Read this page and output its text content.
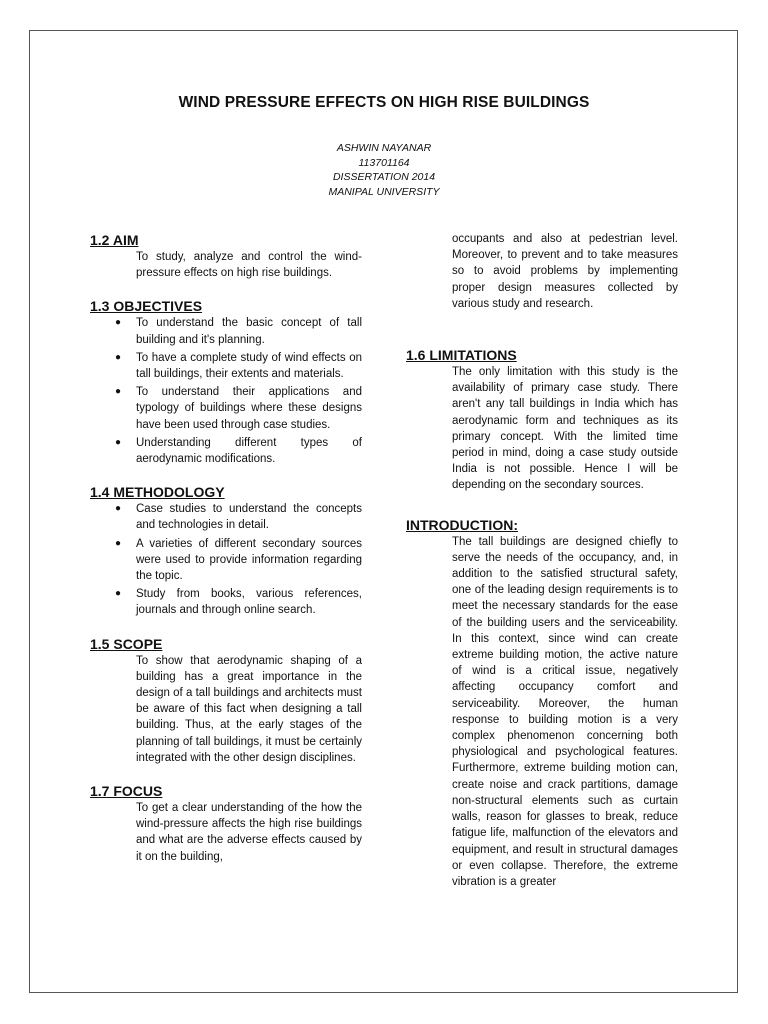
WIND PRESSURE EFFECTS ON HIGH RISE BUILDINGS
ASHWIN NAYANAR
113701164
DISSERTATION 2014
MANIPAL UNIVERSITY

1.2 AIM

To study, analyze and control the wind-pressure effects on high rise buildings.

1.3 OBJECTIVES

● To understand the basic concept of tall building and it's planning.
● To have a complete study of wind effects on tall buildings, their extents and materials.
● To understand their applications and typology of buildings where these designs have been used through case studies.
● Understanding different types of aerodynamic modifications.

1.4 METHODOLOGY

● Case studies to understand the concepts and technologies in detail.
● A varieties of different secondary sources were used to provide information regarding the topic.
● Study from books, various references, journals and through online search.

1.5 SCOPE

To show that aerodynamic shaping of a building has a great importance in the design of a tall buildings and architects must be aware of this fact when designing a tall building. Thus, at the early stages of the planning of tall buildings, it must be certainly integrated with the other design disciplines.

1.7 FOCUS

To get a clear understanding of the how the wind-pressure affects the high rise buildings and what are the adverse effects caused by it on the building,

occupants and also at pedestrian level. Moreover, to prevent and to take measures so to avoid problems by implementing proper design measures collected by various study and research.

1.6 LIMITATIONS

The only limitation with this study is the availability of primary case study. There aren't any tall buildings in India which has aerodynamic form and techniques as its primary concept. With the limited time period in mind, doing a case study outside India is not possible. Hence I will be depending on the secondary sources.

INTRODUCTION:

The tall buildings are designed chiefly to serve the needs of the occupancy, and, in addition to the satisfied structural safety, one of the leading design requirements is to meet the necessary standards for the ease of the building users and the serviceability. In this context, since wind can create extreme building motion, the active nature of wind is a critical issue, negatively affecting occupancy comfort and serviceability. Moreover, the human response to building motion is a very complex phenomenon concerning both physiological and psychological features. Furthermore, extreme building motion can, create noise and crack partitions, damage non-structural elements such as curtain walls, reason for glasses to break, reduce fatigue life, malfunction of the elevators and equipment, and result in structural damages or even collapse. Therefore, the extreme vibration is a greater
